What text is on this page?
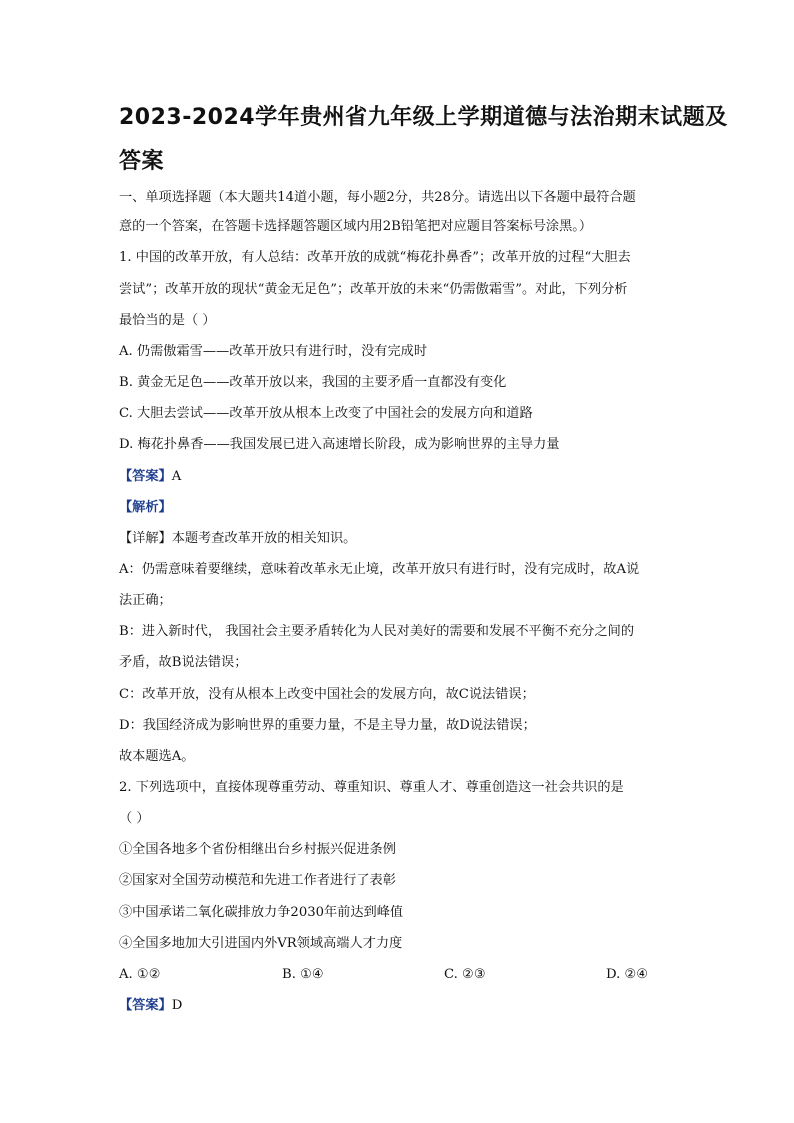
2023-2024学年贵州省九年级上学期道德与法治期末试题及
答案
一、单项选择题（本大题共14道小题，每小题2分，共28分。请选出以下各题中最符合题
意的一个答案，在答题卡选择题答题区域内用2B铅笔把对应题目答案标号涂黑。）
1. 中国的改革开放，有人总结：改革开放的成就“梅花扑鼻香”；改革开放的过程“大胆去
尝试”；改革开放的现状“黄金无足色”；改革开放的未来“仍需傲霜雪”。对此，下列分析
最恰当的是（ ）
A. 仍需傲霜雪——改革开放只有进行时，没有完成时
B. 黄金无足色——改革开放以来，我国的主要矛盾一直都没有变化
C. 大胆去尝试——改革开放从根本上改变了中国社会的发展方向和道路
D. 梅花扑鼻香——我国发展已进入高速增长阶段，成为影响世界的主导力量
【答案】A
【解析】
【详解】本题考查改革开放的相关知识。
A：仍需意味着要继续，意味着改革永无止境，改革开放只有进行时，没有完成时，故A说
法正确；
B：进入新时代， 我国社会主要矛盾转化为人民对美好的需要和发展不平衡不充分之间的
矛盾，故B说法错误；
C：改革开放，没有从根本上改变中国社会的发展方向，故C说法错误；
D：我国经济成为影响世界的重要力量，不是主导力量，故D说法错误；
故本题选A。
2. 下列选项中，直接体现尊重劳动、尊重知识、尊重人才、尊重创造这一社会共识的是
（ ）
①全国各地多个省份相继出台乡村振兴促进条例
②国家对全国劳动模范和先进工作者进行了表彰
③中国承诺二氧化碳排放力争2030年前达到峰值
④全国多地加大引进国内外VR领域高端人才力度
A. ①②	B. ①④	C. ②③	D. ②④
【答案】D
